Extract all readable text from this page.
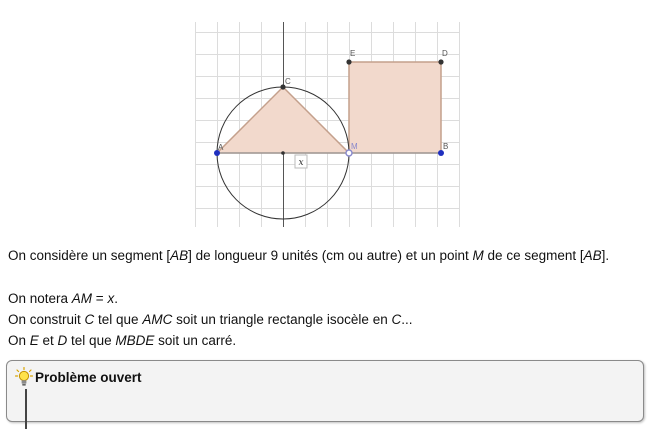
x
A	B
M
C
E	D

On considère un segment [AB] de longueur 9 unités (cm ou autre) et un point M de ce segment [AB].

On notera AM = x.

On construit C tel que AMC soit un triangle rectangle isocèle en C...

On E et D tel que MBDE soit un carré.

Problème ouvert
